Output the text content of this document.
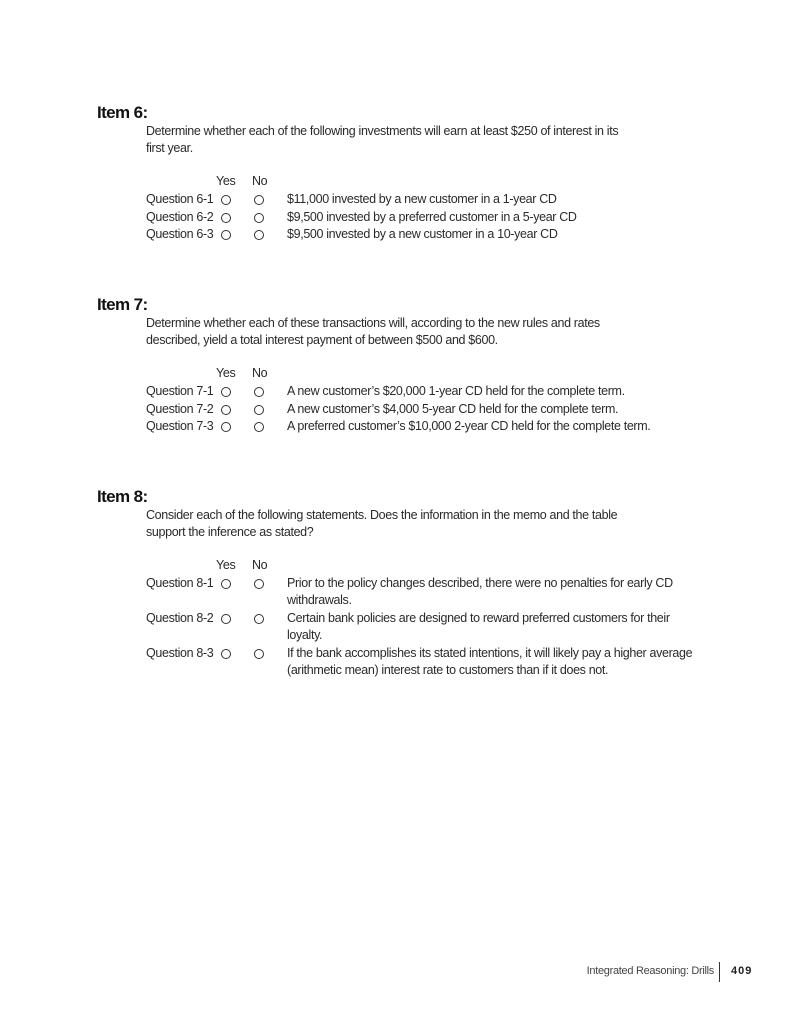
Item 6:

Determine whether each of the following investments will earn at least $250 of interest in its first year.

Yes No
Question 6-1	$11,000 invested by a new customer in a 1-year CD
Question 6-2	$9,500 invested by a preferred customer in a 5-year CD
Question 6-3	$9,500 invested by a new customer in a 10-year CD
Item 7:

Determine whether each of these transactions will, according to the new rules and rates described, yield a total interest payment of between $500 and $600.

Yes No
Question 7-1	A new customer’s $20,000 1-year CD held for the complete term.
Question 7-2	A new customer’s $4,000 5-year CD held for the complete term.
Question 7-3	A preferred customer’s $10,000 2-year CD held for the complete term.
Item 8:

Consider each of the following statements. Does the information in the memo and the table support the inference as stated?

Yes No
Question 8-1	Prior to the policy changes described, there were no penalties for early CD withdrawals.
Question 8-2	Certain bank policies are designed to reward preferred customers for their loyalty.
Question 8-3	If the bank accomplishes its stated intentions, it will likely pay a higher average (arithmetic mean) interest rate to customers than if it does not.
Integrated Reasoning: Drills 409
